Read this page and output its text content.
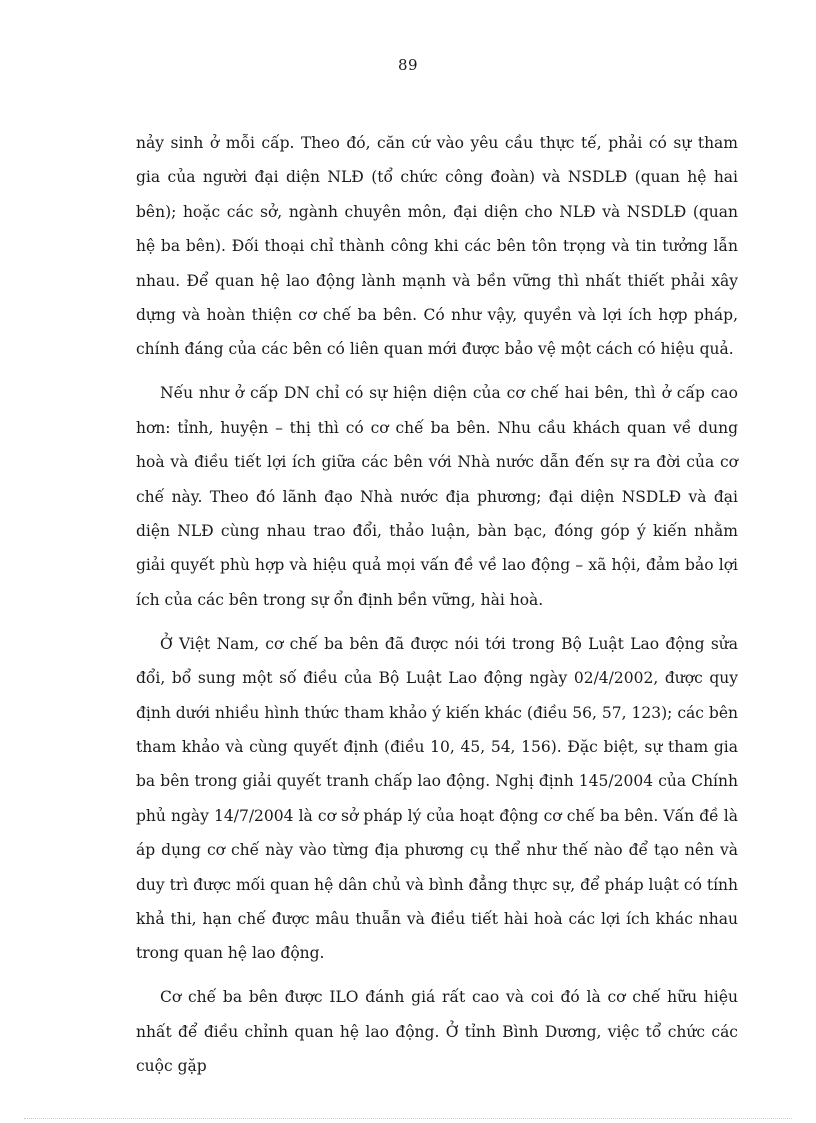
89

nảy sinh ở mỗi cấp. Theo đó, căn cứ vào yêu cầu thực tế, phải có sự tham gia của người đại diện NLĐ (tổ chức công đoàn) và NSDLĐ (quan hệ hai bên); hoặc các sở, ngành chuyên môn, đại diện cho NLĐ và NSDLĐ (quan hệ ba bên). Đối thoại chỉ thành công khi các bên tôn trọng và tin tưởng lẫn nhau. Để quan hệ lao động lành mạnh và bền vững thì nhất thiết phải xây dựng và hoàn thiện cơ chế ba bên. Có như vậy, quyền và lợi ích hợp pháp, chính đáng của các bên có liên quan mới được bảo vệ một cách có hiệu quả.

Nếu như ở cấp DN chỉ có sự hiện diện của cơ chế hai bên, thì ở cấp cao hơn: tỉnh, huyện – thị thì có cơ chế ba bên. Nhu cầu khách quan về dung hoà và điều tiết lợi ích giữa các bên với Nhà nước dẫn đến sự ra đời của cơ chế này. Theo đó lãnh đạo Nhà nước địa phương; đại diện NSDLĐ và đại diện NLĐ cùng nhau trao đổi, thảo luận, bàn bạc, đóng góp ý kiến nhằm giải quyết phù hợp và hiệu quả mọi vấn đề về lao động – xã hội, đảm bảo lợi ích của các bên trong sự ổn định bền vững, hài hoà.

Ở Việt Nam, cơ chế ba bên đã được nói tới trong Bộ Luật Lao động sửa đổi, bổ sung một số điều của Bộ Luật Lao động ngày 02/4/2002, được quy định dưới nhiều hình thức tham khảo ý kiến khác (điều 56, 57, 123); các bên tham khảo và cùng quyết định (điều 10, 45, 54, 156). Đặc biệt, sự tham gia ba bên trong giải quyết tranh chấp lao động. Nghị định 145/2004 của Chính phủ ngày 14/7/2004 là cơ sở pháp lý của hoạt động cơ chế ba bên. Vấn đề là áp dụng cơ chế này vào từng địa phương cụ thể như thế nào để tạo nên và duy trì được mối quan hệ dân chủ và bình đẳng thực sự, để pháp luật có tính khả thi, hạn chế được mâu thuẫn và điều tiết hài hoà các lợi ích khác nhau trong quan hệ lao động.

Cơ chế ba bên được ILO đánh giá rất cao và coi đó là cơ chế hữu hiệu nhất để điều chỉnh quan hệ lao động. Ở tỉnh Bình Dương, việc tổ chức các cuộc gặp
